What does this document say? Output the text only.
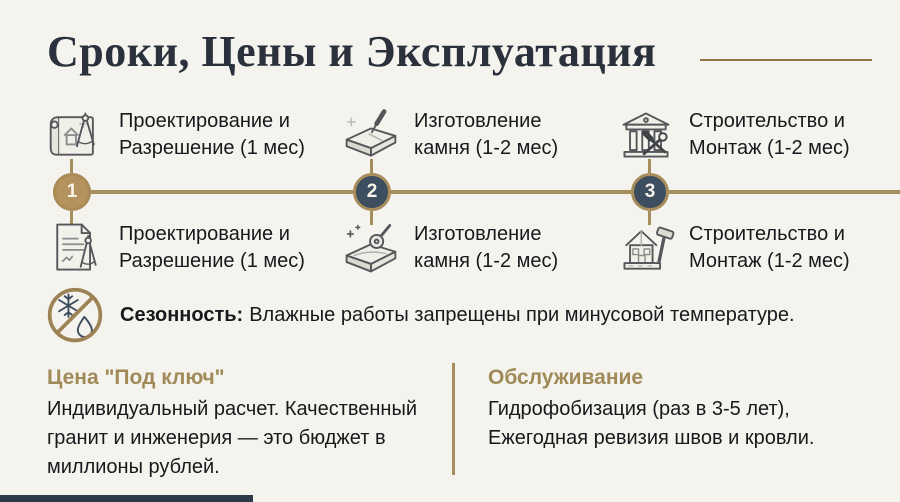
Сроки, Цены и Эксплуатация
Проектирование и
Разрешение (1 мес)
Изготовление
камня (1-2 мес)
Строительство и
Монтаж (1-2 мес)
1	2	3
Проектирование и
Разрешение (1 мес)
Изготовление
камня (1-2 мес)
Строительство и
Монтаж (1-2 мес)
Сезонность: Влажные работы запрещены при минусовой температуре.
Цена "Под ключ"
Индивидуальный расчет. Качественный
гранит и инженерия — это бюджет в
миллионы рублей.
Обслуживание
Гидрофобизация (раз в 3-5 лет),
Ежегодная ревизия швов и кровли.
